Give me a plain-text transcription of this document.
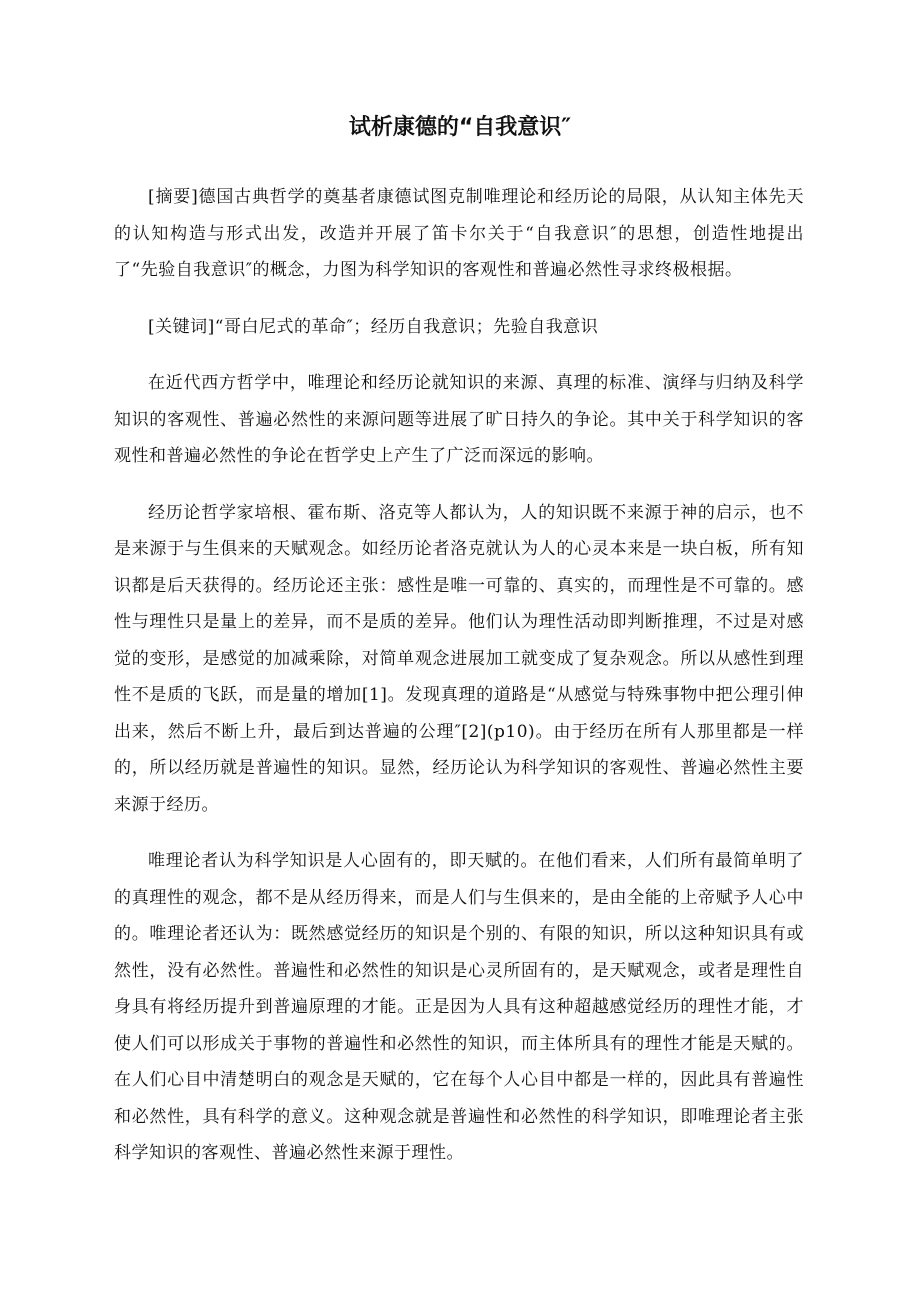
试析康德的“自我意识″

[摘要]德国古典哲学的奠基者康德试图克制唯理论和经历论的局限，从认知主体先天的认知构造与形式出发，改造并开展了笛卡尔关于“自我意识″的思想，创造性地提出了“先验自我意识″的概念，力图为科学知识的客观性和普遍必然性寻求终极根据。

[关键词]“哥白尼式的革命″；经历自我意识；先验自我意识

在近代西方哲学中，唯理论和经历论就知识的来源、真理的标准、演绎与归纳及科学知识的客观性、普遍必然性的来源问题等进展了旷日持久的争论。其中关于科学知识的客观性和普遍必然性的争论在哲学史上产生了广泛而深远的影响。

经历论哲学家培根、霍布斯、洛克等人都认为，人的知识既不来源于神的启示，也不是来源于与生俱来的天赋观念。如经历论者洛克就认为人的心灵本来是一块白板，所有知识都是后天获得的。经历论还主张：感性是唯一可靠的、真实的，而理性是不可靠的。感性与理性只是量上的差异，而不是质的差异。他们认为理性活动即判断推理，不过是对感觉的变形，是感觉的加减乘除，对简单观念进展加工就变成了复杂观念。所以从感性到理性不是质的飞跃，而是量的增加[1]。发现真理的道路是“从感觉与特殊事物中把公理引伸出来，然后不断上升，最后到达普遍的公理″[2](p10)。由于经历在所有人那里都是一样的，所以经历就是普遍性的知识。显然，经历论认为科学知识的客观性、普遍必然性主要来源于经历。

唯理论者认为科学知识是人心固有的，即天赋的。在他们看来，人们所有最简单明了的真理性的观念，都不是从经历得来，而是人们与生俱来的，是由全能的上帝赋予人心中的。唯理论者还认为：既然感觉经历的知识是个别的、有限的知识，所以这种知识具有或然性，没有必然性。普遍性和必然性的知识是心灵所固有的，是天赋观念，或者是理性自身具有将经历提升到普遍原理的才能。正是因为人具有这种超越感觉经历的理性才能，才使人们可以形成关于事物的普遍性和必然性的知识，而主体所具有的理性才能是天赋的。在人们心目中清楚明白的观念是天赋的，它在每个人心目中都是一样的，因此具有普遍性和必然性，具有科学的意义。这种观念就是普遍性和必然性的科学知识，即唯理论者主张科学知识的客观性、普遍必然性来源于理性。
